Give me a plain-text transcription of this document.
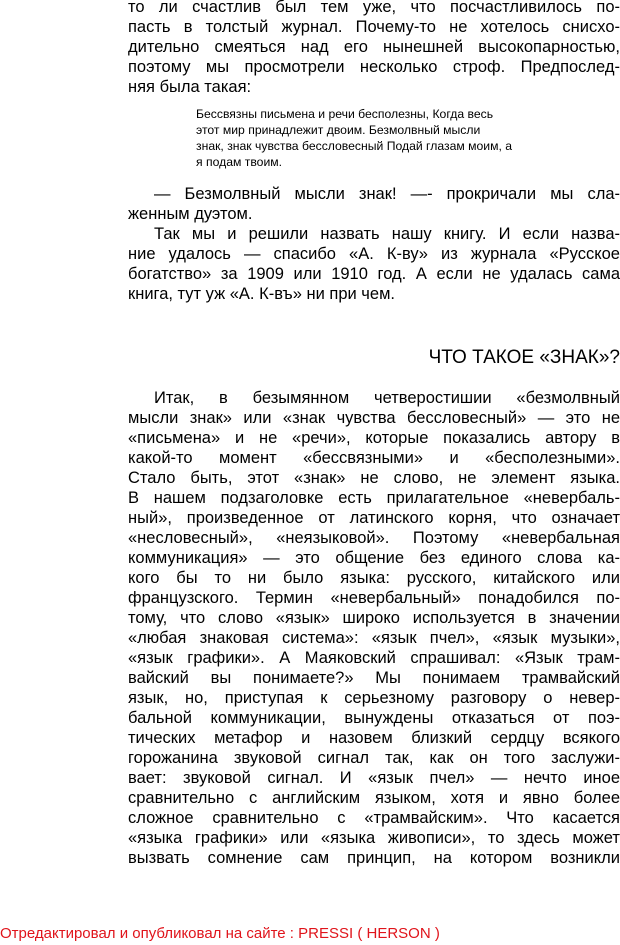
то ли счастлив был тем уже, что посчастливилось по-

пасть в толстый журнал. Почему-то не хотелось снисхо-

дительно смеяться над его нынешней высокопарностью,

поэтому мы просмотрели несколько строф. Предпослед-

няя была такая:

Бессвязны письмена и речи бесполезны, Когда весь

этот мир принадлежит двоим. Безмолвный мысли

знак, знак чувства бессловесный Подай глазам моим, а

я подам твоим.

— Безмолвный мысли знак! —- прокричали мы сла-

женным дуэтом.

Так мы и решили назвать нашу книгу. И если назва-

ние удалось — спасибо «А. К-ву» из журнала «Русское

богатство» за 1909 или 1910 год. А если не удалась сама

книга, тут уж «А. К-въ» ни при чем.

ЧТО ТАКОЕ «ЗНАК»?

Итак, в безымянном четверостишии «безмолвный

мысли знак» или «знак чувства бессловесный» — это не

«письмена» и не «речи», которые показались автору в

какой-то момент «бессвязными» и «бесполезными».

Стало быть, этот «знак» не слово, не элемент языка.

В нашем подзаголовке есть прилагательное «невербаль-

ный», произведенное от латинского корня, что означает

«несловесный», «неязыковой». Поэтому «невербальная

коммуникация» — это общение без единого слова ка-

кого бы то ни было языка: русского, китайского или

французского. Термин «невербальный» понадобился по-

тому, что слово «язык» широко используется в значении

«любая знаковая система»: «язык пчел», «язык музыки»,

«язык графики». А Маяковский спрашивал: «Язык трам-

вайский вы понимаете?» Мы понимаем трамвайский

язык, но, приступая к серьезному разговору о невер-

бальной коммуникации, вынуждены отказаться от поэ-

тических метафор и назовем близкий сердцу всякого

горожанина звуковой сигнал так, как он того заслужи-

вает: звуковой сигнал. И «язык пчел» — нечто иное

сравнительно с английским языком, хотя и явно более

сложное сравнительно с «трамвайским». Что касается

«языка графики» или «языка живописи», то здесь может

вызвать сомнение сам принцип, на котором возникли

Отредактировал и опубликовал на сайте : PRESSI ( HERSON )
